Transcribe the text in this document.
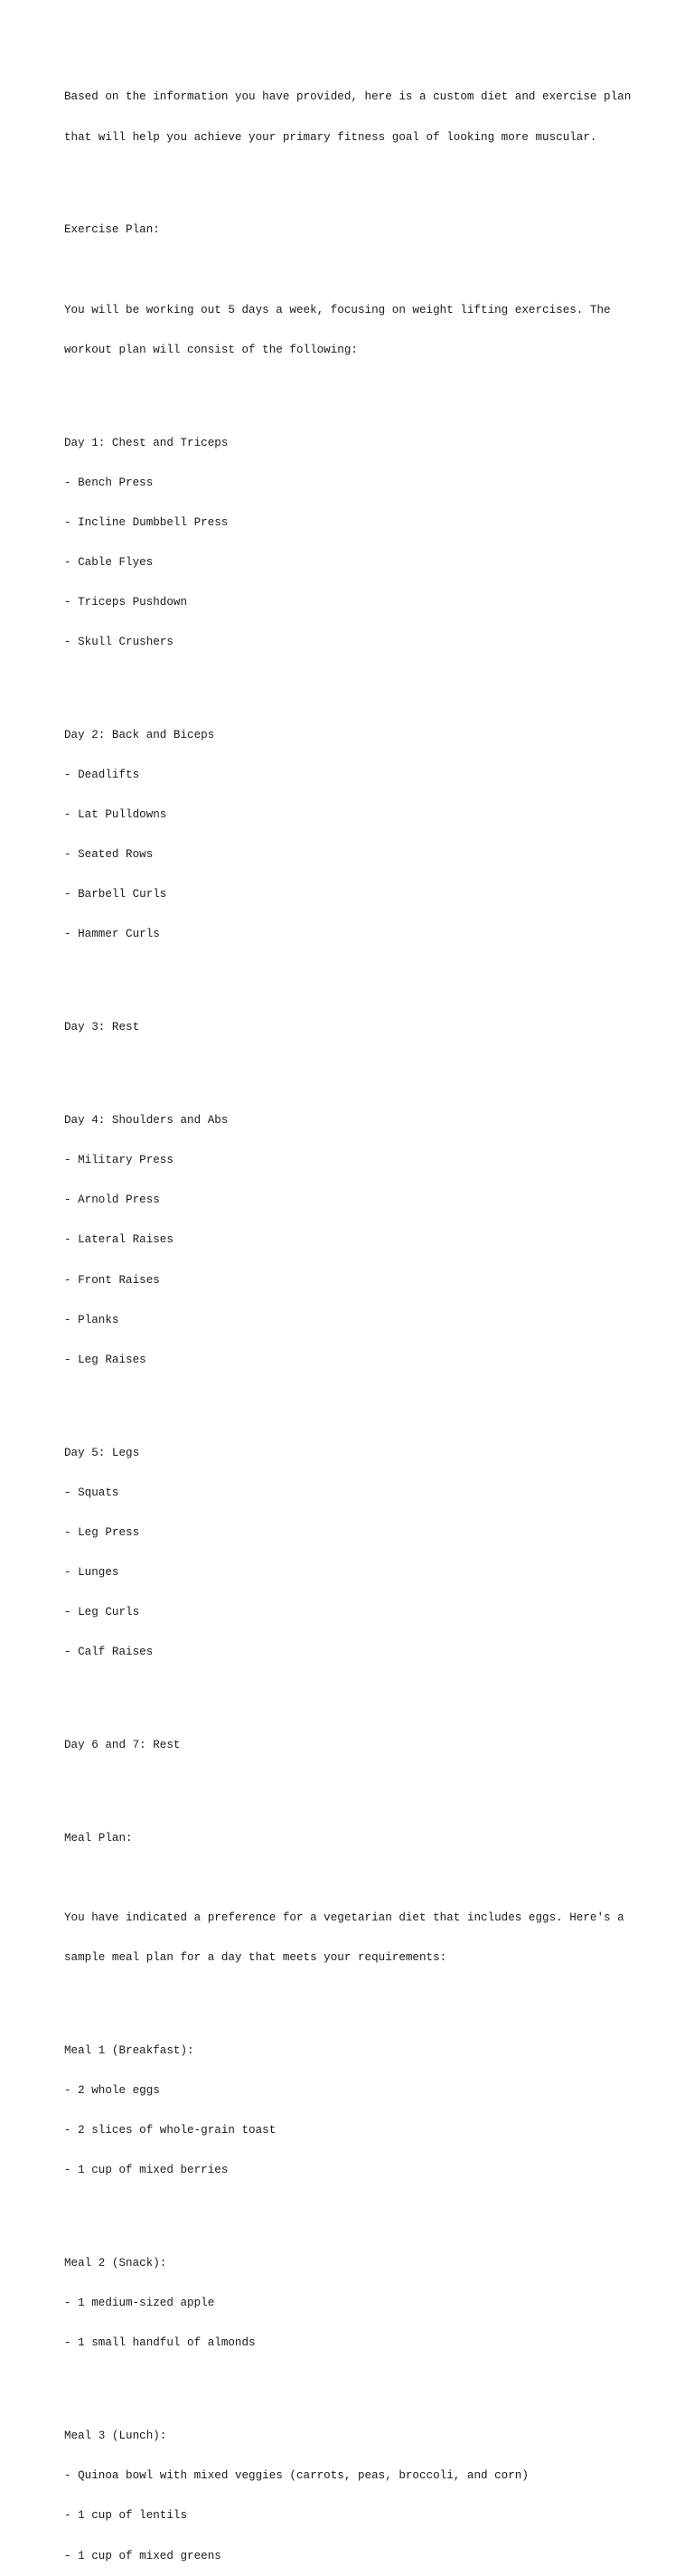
Based on the information you have provided, here is a custom diet and exercise plan

that will help you achieve your primary fitness goal of looking more muscular.

Exercise Plan:

You will be working out 5 days a week, focusing on weight lifting exercises. The

workout plan will consist of the following:

Day 1: Chest and Triceps

- Bench Press

- Incline Dumbbell Press

- Cable Flyes

- Triceps Pushdown

- Skull Crushers

Day 2: Back and Biceps

- Deadlifts

- Lat Pulldowns

- Seated Rows

- Barbell Curls

- Hammer Curls

Day 3: Rest

Day 4: Shoulders and Abs

- Military Press

- Arnold Press

- Lateral Raises

- Front Raises

- Planks

- Leg Raises

Day 5: Legs

- Squats

- Leg Press

- Lunges

- Leg Curls

- Calf Raises

Day 6 and 7: Rest

Meal Plan:

You have indicated a preference for a vegetarian diet that includes eggs. Here's a

sample meal plan for a day that meets your requirements:

Meal 1 (Breakfast):

- 2 whole eggs

- 2 slices of whole-grain toast

- 1 cup of mixed berries

Meal 2 (Snack):

- 1 medium-sized apple

- 1 small handful of almonds

Meal 3 (Lunch):

- Quinoa bowl with mixed veggies (carrots, peas, broccoli, and corn)

- 1 cup of lentils

- 1 cup of mixed greens
